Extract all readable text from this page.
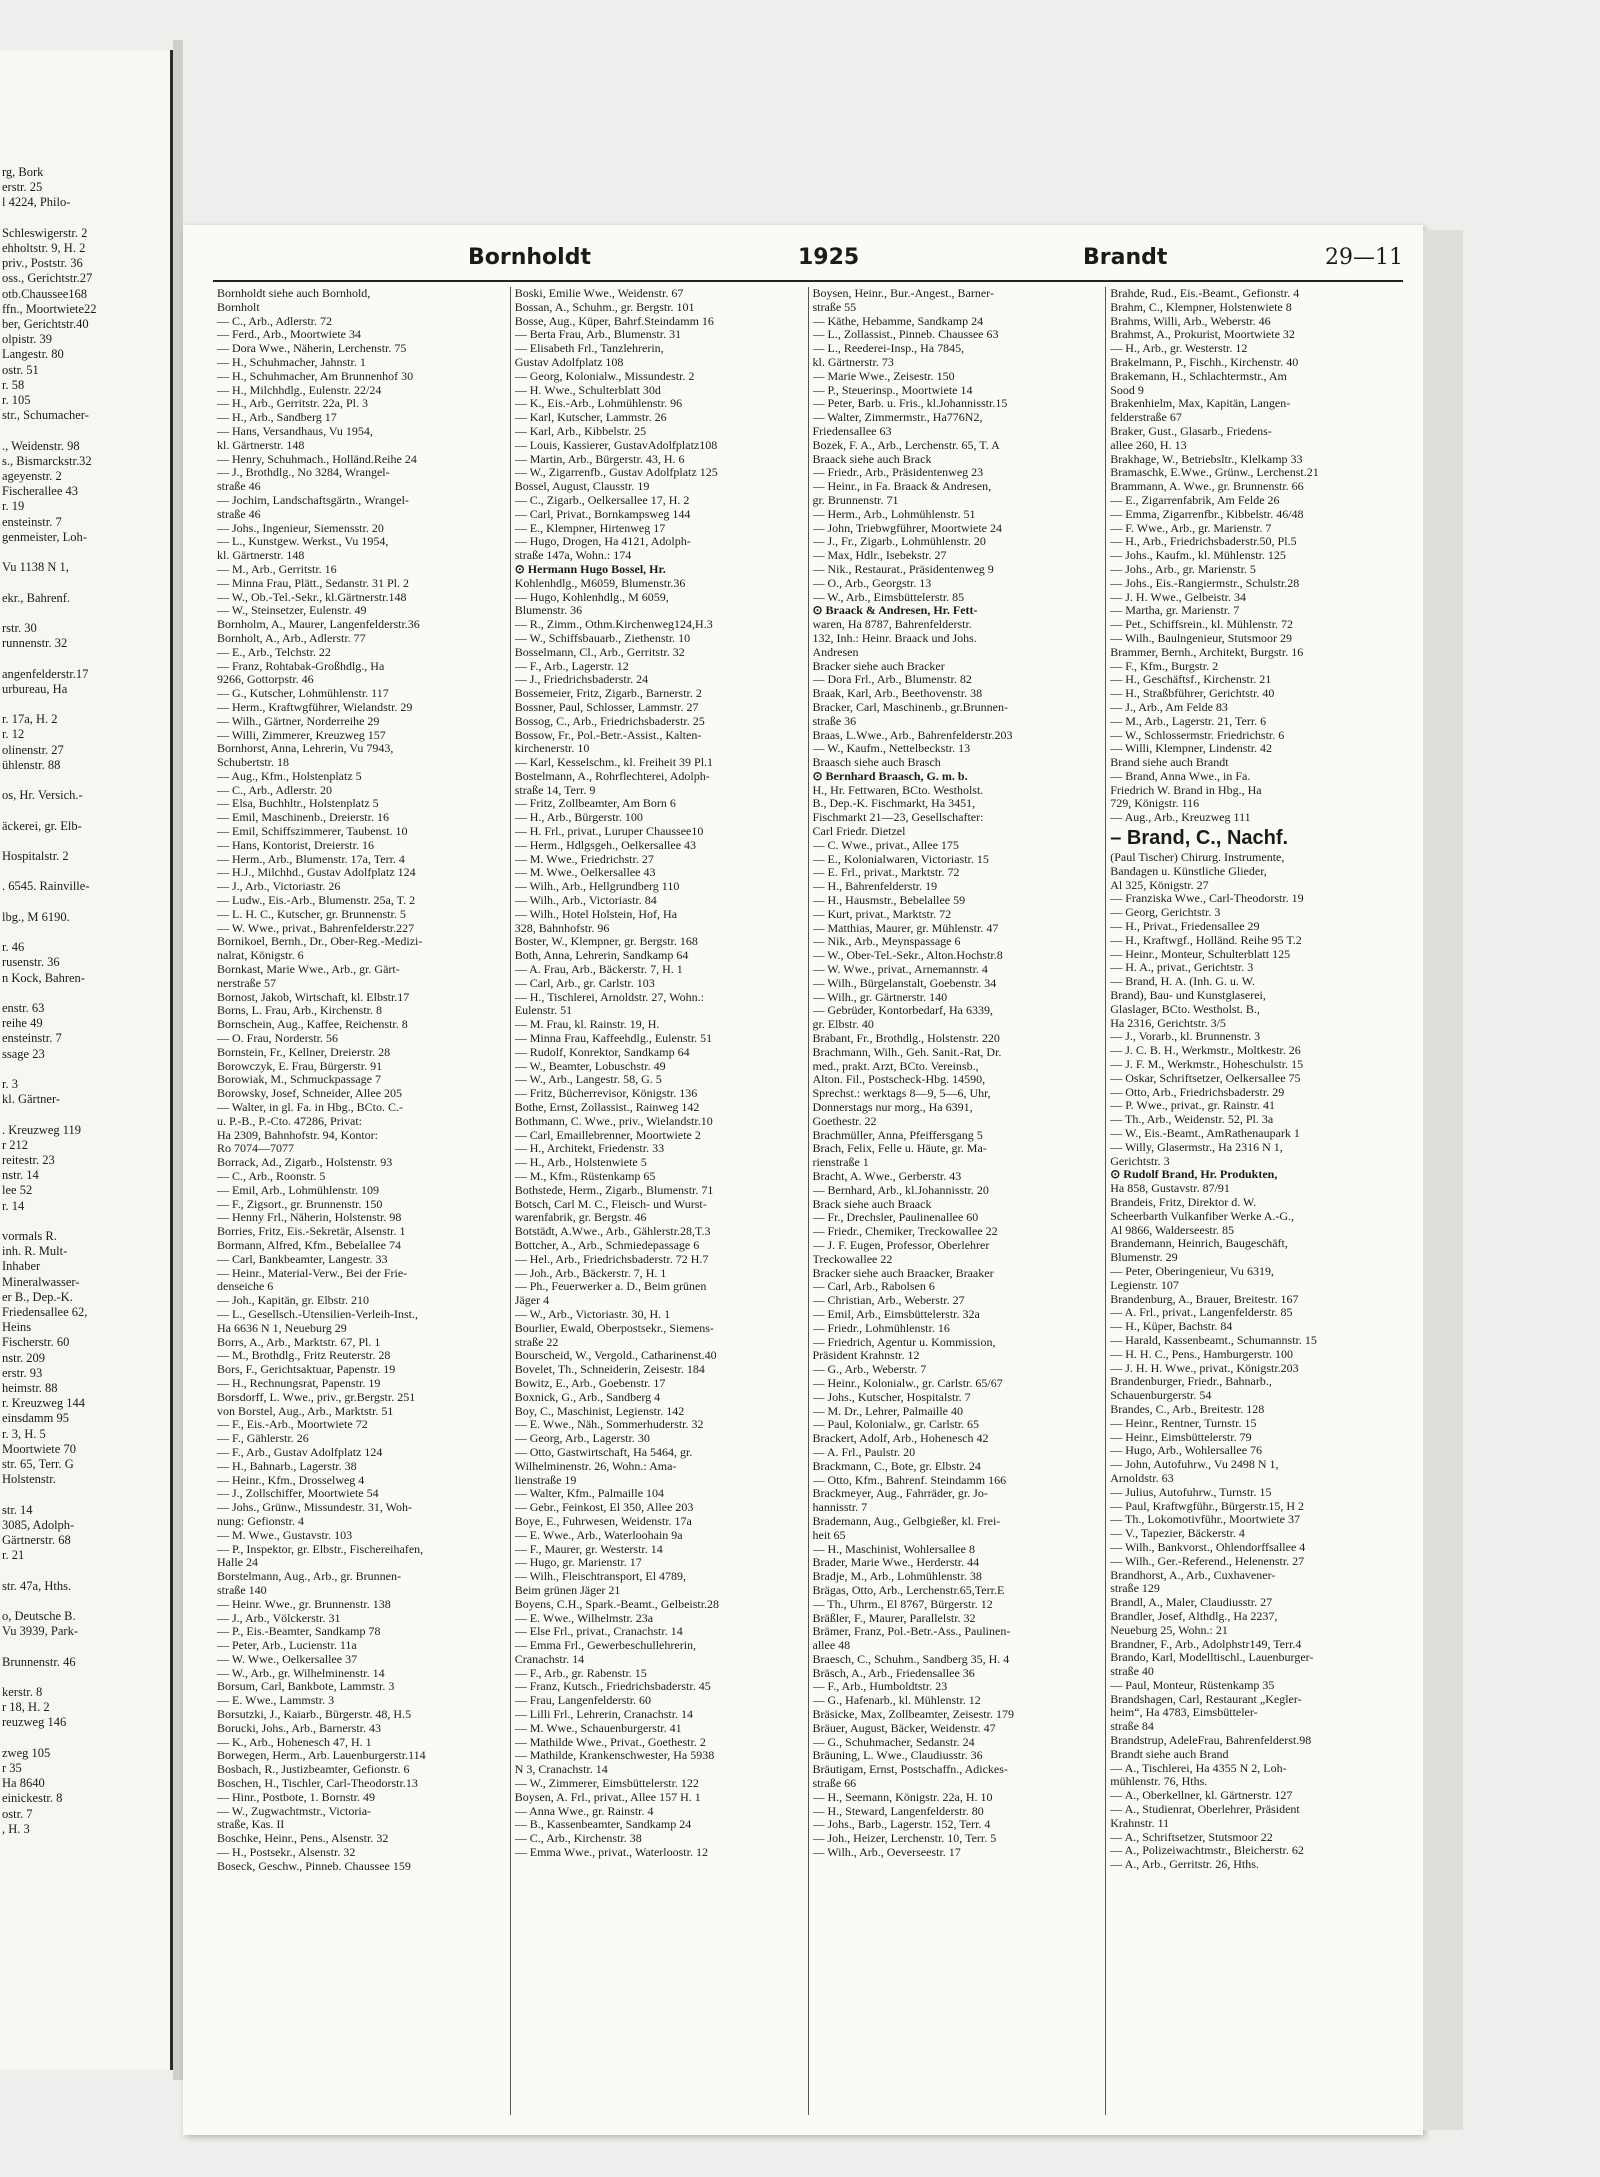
rg, Bork
erstr. 25
l 4224, Philo-
Schleswigerstr. 2
ehholtstr. 9, H. 2
priv., Poststr. 36
oss., Gerichtstr.27
otb.Chaussee168
ffn., Moortwiete22
ber, Gerichtstr.40
olpistr. 39
Langestr. 80
ostr. 51
r. 58
r. 105
str., Schumacher-
., Weidenstr. 98
s., Bismarckstr.32
ageyenstr. 2
Fischerallee 43
r. 19
ensteinstr. 7
genmeister, Loh-
Vu 1138 N 1,
ekr., Bahrenf.
rstr. 30
runnenstr. 32
angenfelderstr.17
urbureau, Ha
r. 17a, H. 2
r. 12
olinenstr. 27
ühlenstr. 88
os, Hr. Versich.-
äckerei, gr. Elb-
Hospitalstr. 2
. 6545. Rainville-
lbg., M 6190.
r. 46
rusenstr. 36
n Kock, Bahren-
enstr. 63
reihe 49
ensteinstr. 7
ssage 23
r. 3
kl. Gärtner-
. Kreuzweg 119
r 212
reitestr. 23
nstr. 14
lee 52
r. 14
vormals R.
inh. R. Mult-
Inhaber
Mineralwasser-
er B., Dep.-K.
Friedensallee 62,
Heins
Fischerstr. 60
nstr. 209
erstr. 93
heimstr. 88
r. Kreuzweg 144
einsdamm 95
r. 3, H. 5
Moortwiete 70
str. 65, Terr. G
Holstenstr.
str. 14
3085, Adolph-
Gärtnerstr. 68
r. 21
str. 47a, Hths.
o, Deutsche B.
Vu 3939, Park-
Brunnenstr. 46
kerstr. 8
r 18, H. 2
reuzweg 146
zweg 105
r 35
Ha 8640
einickestr. 8
ostr. 7
, H. 3
Bornholdt	1925	Brandt	29—11
Bornholdt siehe auch Bornhold,
Bornholt
— C., Arb., Adlerstr. 72
— Ferd., Arb., Moortwiete 34
— Dora Wwe., Näherin, Lerchenstr. 75
— H., Schuhmacher, Jahnstr. 1
— H., Schuhmacher, Am Brunnenhof 30
— H., Milchhdlg., Eulenstr. 22/24
— H., Arb., Gerritstr. 22a, Pl. 3
— H., Arb., Sandberg 17
— Hans, Versandhaus, Vu 1954,
kl. Gärtnerstr. 148
— Henry, Schuhmach., Holländ.Reihe 24
— J., Brothdlg., No 3284, Wrangel-
straße 46
— Jochim, Landschaftsgärtn., Wrangel-
straße 46
— Johs., Ingenieur, Siemensstr. 20
— L., Kunstgew. Werkst., Vu 1954,
kl. Gärtnerstr. 148
— M., Arb., Gerritstr. 16
— Minna Frau, Plätt., Sedanstr. 31 Pl. 2
— W., Ob.-Tel.-Sekr., kl.Gärtnerstr.148
— W., Steinsetzer, Eulenstr. 49
Bornholm, A., Maurer, Langenfelderstr.36
Bornholt, A., Arb., Adlerstr. 77
— E., Arb., Telchstr. 22
— Franz, Rohtabak-Großhdlg., Ha
9266, Gottorpstr. 46
— G., Kutscher, Lohmühlenstr. 117
— Herm., Kraftwgführer, Wielandstr. 29
— Wilh., Gärtner, Norderreihe 29
— Willi, Zimmerer, Kreuzweg 157
Bornhorst, Anna, Lehrerin, Vu 7943,
Schubertstr. 18
— Aug., Kfm., Holstenplatz 5
— C., Arb., Adlerstr. 20
— Elsa, Buchhltr., Holstenplatz 5
— Emil, Maschinenb., Dreierstr. 16
— Emil, Schiffszimmerer, Taubenst. 10
— Hans, Kontorist, Dreierstr. 16
— Herm., Arb., Blumenstr. 17a, Terr. 4
— H.J., Milchhd., Gustav Adolfplatz 124
— J., Arb., Victoriastr. 26
— Ludw., Eis.-Arb., Blumenstr. 25a, T. 2
— L. H. C., Kutscher, gr. Brunnenstr. 5
— W. Wwe., privat., Bahrenfelderstr.227
Bornikoel, Bernh., Dr., Ober-Reg.-Medizi-
nalrat, Königstr. 6
Bornkast, Marie Wwe., Arb., gr. Gärt-
nerstraße 57
Bornost, Jakob, Wirtschaft, kl. Elbstr.17
Borns, L. Frau, Arb., Kirchenstr. 8
Bornschein, Aug., Kaffee, Reichenstr. 8
— O. Frau, Norderstr. 56
Bornstein, Fr., Kellner, Dreierstr. 28
Borowczyk, E. Frau, Bürgerstr. 91
Borowiak, M., Schmuckpassage 7
Borowsky, Josef, Schneider, Allee 205
— Walter, in gl. Fa. in Hbg., BCto. C.-
u. P.-B., P.-Cto. 47286, Privat:
Ha 2309, Bahnhofstr. 94, Kontor:
Ro 7074—7077
Borrack, Ad., Zigarb., Holstenstr. 93
— C., Arb., Roonstr. 5
— Emil, Arb., Lohmühlenstr. 109
— F., Zigsort., gr. Brunnenstr. 150
— Henny Frl., Näherin, Holstenstr. 98
Borries, Fritz, Eis.-Sekretär, Alsenstr. 1
Bormann, Alfred, Kfm., Bebelallee 74
— Carl, Bankbeamter, Langestr. 33
— Heinr., Material-Verw., Bei der Frie-
denseiche 6
— Joh., Kapitän, gr. Elbstr. 210
— L., Gesellsch.-Utensilien-Verleih-Inst.,
Ha 6636 N 1, Neueburg 29
Borrs, A., Arb., Marktstr. 67, Pl. 1
— M., Brothdlg., Fritz Reuterstr. 28
Bors, F., Gerichtsaktuar, Papenstr. 19
— H., Rechnungsrat, Papenstr. 19
Borsdorff, L. Wwe., priv., gr.Bergstr. 251
von Borstel, Aug., Arb., Marktstr. 51
— F., Eis.-Arb., Moortwiete 72
— F., Gählerstr. 26
— F., Arb., Gustav Adolfplatz 124
— H., Bahnarb., Lagerstr. 38
— Heinr., Kfm., Drosselweg 4
— J., Zollschiffer, Moortwiete 54
— Johs., Grünw., Missundestr. 31, Woh-
nung: Gefionstr. 4
— M. Wwe., Gustavstr. 103
— P., Inspektor, gr. Elbstr., Fischereihafen,
Halle 24
Borstelmann, Aug., Arb., gr. Brunnen-
straße 140
— Heinr. Wwe., gr. Brunnenstr. 138
— J., Arb., Völckerstr. 31
— P., Eis.-Beamter, Sandkamp 78
— Peter, Arb., Lucienstr. 11a
— W. Wwe., Oelkersallee 37
— W., Arb., gr. Wilhelminenstr. 14
Borsum, Carl, Bankbote, Lammstr. 3
— E. Wwe., Lammstr. 3
Borsutzki, J., Kaiarb., Bürgerstr. 48, H.5
Borucki, Johs., Arb., Barnerstr. 43
— K., Arb., Hohenesch 47, H. 1
Borwegen, Herm., Arb. Lauenburgerstr.114
Bosbach, R., Justizbeamter, Gefionstr. 6
Boschen, H., Tischler, Carl-Theodorstr.13
— Hinr., Postbote, 1. Bornstr. 49
— W., Zugwachtmstr., Victoria-
straße, Kas. II
Boschke, Heinr., Pens., Alsenstr. 32
— H., Postsekr., Alsenstr. 32
Boseck, Geschw., Pinneb. Chaussee 159
Boski, Emilie Wwe., Weidenstr. 67
Bossan, A., Schuhm., gr. Bergstr. 101
Bosse, Aug., Küper, Bahrf.Steindamm 16
— Berta Frau, Arb., Blumenstr. 31
— Elisabeth Frl., Tanzlehrerin,
Gustav Adolfplatz 108
— Georg, Kolonialw., Missundestr. 2
— H. Wwe., Schulterblatt 30d
— K., Eis.-Arb., Lohmühlenstr. 96
— Karl, Kutscher, Lammstr. 26
— Karl, Arb., Kibbelstr. 25
— Louis, Kassierer, GustavAdolfplatz108
— Martin, Arb., Bürgerstr. 43, H. 6
— W., Zigarrenfb., Gustav Adolfplatz 125
Bossel, August, Clausstr. 19
— C., Zigarb., Oelkersallee 17, H. 2
— Carl, Privat., Bornkampsweg 144
— E., Klempner, Hirtenweg 17
— Hugo, Drogen, Ha 4121, Adolph-
straße 147a, Wohn.: 174
⊙ Hermann Hugo Bossel, Hr.
Kohlenhdlg., M6059, Blumenstr.36
— Hugo, Kohlenhdlg., M 6059,
Blumenstr. 36
— R., Zimm., Othm.Kirchenweg124,H.3
— W., Schiffsbauarb., Ziethenstr. 10
Bosselmann, Cl., Arb., Gerritstr. 32
— F., Arb., Lagerstr. 12
— J., Friedrichsbaderstr. 24
Bossemeier, Fritz, Zigarb., Barnerstr. 2
Bossner, Paul, Schlosser, Lammstr. 27
Bossog, C., Arb., Friedrichsbaderstr. 25
Bossow, Fr., Pol.-Betr.-Assist., Kalten-
kirchenerstr. 10
— Karl, Kesselschm., kl. Freiheit 39 Pl.1
Bostelmann, A., Rohrflechterei, Adolph-
straße 14, Terr. 9
— Fritz, Zollbeamter, Am Born 6
— H., Arb., Bürgerstr. 100
— H. Frl., privat., Luruper Chaussee10
— Herm., Hdlgsgeh., Oelkersallee 43
— M. Wwe., Friedrichstr. 27
— M. Wwe., Oelkersallee 43
— Wilh., Arb., Hellgrundberg 110
— Wilh., Arb., Victoriastr. 84
— Wilh., Hotel Holstein, Hof, Ha
328, Bahnhofstr. 96
Boster, W., Klempner, gr. Bergstr. 168
Both, Anna, Lehrerin, Sandkamp 64
— A. Frau, Arb., Bäckerstr. 7, H. 1
— Carl, Arb., gr. Carlstr. 103
— H., Tischlerei, Arnoldstr. 27, Wohn.:
Eulenstr. 51
— M. Frau, kl. Rainstr. 19, H.
— Minna Frau, Kaffeehdlg., Eulenstr. 51
— Rudolf, Konrektor, Sandkamp 64
— W., Beamter, Lobuschstr. 49
— W., Arb., Langestr. 58, G. 5
— Fritz, Bücherrevisor, Königstr. 136
Bothe, Ernst, Zollassist., Rainweg 142
Bothmann, C. Wwe., priv., Wielandstr.10
— Carl, Emaillebrenner, Moortwiete 2
— H., Architekt, Friedenstr. 33
— H., Arb., Holstenwiete 5
— M., Kfm., Rüstenkamp 65
Bothstede, Herm., Zigarb., Blumenstr. 71
Botsch, Carl M. C., Fleisch- und Wurst-
warenfabrik, gr. Bergstr. 46
Botstädt, A.Wwe., Arb., Gählerstr.28,T.3
Bottcher, A., Arb., Schmiedepassage 6
— Hel., Arb., Friedrichsbaderstr. 72 H.7
— Joh., Arb., Bäckerstr. 7, H. 1
— Ph., Feuerwerker a. D., Beim grünen
Jäger 4
— W., Arb., Victoriastr. 30, H. 1
Bourlier, Ewald, Oberpostsekr., Siemens-
straße 22
Bourscheid, W., Vergold., Catharinenst.40
Bovelet, Th., Schneiderin, Zeisestr. 184
Bowitz, E., Arb., Goebenstr. 17
Boxnick, G., Arb., Sandberg 4
Boy, C., Maschinist, Legienstr. 142
— E. Wwe., Näh., Sommerhuderstr. 32
— Georg, Arb., Lagerstr. 30
— Otto, Gastwirtschaft, Ha 5464, gr.
Wilhelminenstr. 26, Wohn.: Ama-
lienstraße 19
— Walter, Kfm., Palmaille 104
— Gebr., Feinkost, El 350, Allee 203
Boye, E., Fuhrwesen, Weidenstr. 17a
— E. Wwe., Arb., Waterloohain 9a
— F., Maurer, gr. Westerstr. 14
— Hugo, gr. Marienstr. 17
— Wilh., Fleischtransport, El 4789,
Beim grünen Jäger 21
Boyens, C.H., Spark.-Beamt., Gelbeistr.28
— E. Wwe., Wilhelmstr. 23a
— Else Frl., privat., Cranachstr. 14
— Emma Frl., Gewerbeschullehrerin,
Cranachstr. 14
— F., Arb., gr. Rabenstr. 15
— Franz, Kutsch., Friedrichsbaderstr. 45
— Frau, Langenfelderstr. 60
— Lilli Frl., Lehrerin, Cranachstr. 14
— M. Wwe., Schauenburgerstr. 41
— Mathilde Wwe., Privat., Goethestr. 2
— Mathilde, Krankenschwester, Ha 5938
N 3, Cranachstr. 14
— W., Zimmerer, Eimsbüttelerstr. 122
Boysen, A. Frl., privat., Allee 157 H. 1
— Anna Wwe., gr. Rainstr. 4
— B., Kassenbeamter, Sandkamp 24
— C., Arb., Kirchenstr. 38
— Emma Wwe., privat., Waterloostr. 12
Boysen, Heinr., Bur.-Angest., Barner-
straße 55
— Käthe, Hebamme, Sandkamp 24
— L., Zollassist., Pinneb. Chaussee 63
— L., Reederei-Insp., Ha 7845,
kl. Gärtnerstr. 73
— Marie Wwe., Zeisestr. 150
— P., Steuerinsp., Moortwiete 14
— Peter, Barb. u. Fris., kl.Johannisstr.15
— Walter, Zimmermstr., Ha776N2,
Friedensallee 63
Bozek, F. A., Arb., Lerchenstr. 65, T. A
Braack siehe auch Brack
— Friedr., Arb., Präsidentenweg 23
— Heinr., in Fa. Braack & Andresen,
gr. Brunnenstr. 71
— Herm., Arb., Lohmühlenstr. 51
— John, Triebwgführer, Moortwiete 24
— J., Fr., Zigarb., Lohmühlenstr. 20
— Max, Hdlr., Isebekstr. 27
— Nik., Restaurat., Präsidentenweg 9
— O., Arb., Georgstr. 13
— W., Arb., Eimsbüttelerstr. 85
⊙ Braack & Andresen, Hr. Fett-
waren, Ha 8787, Bahrenfelderstr.
132, Inh.: Heinr. Braack und Johs.
Andresen
Bracker siehe auch Bracker
— Dora Frl., Arb., Blumenstr. 82
Braak, Karl, Arb., Beethovenstr. 38
Bracker, Carl, Maschinenb., gr.Brunnen-
straße 36
Braas, L.Wwe., Arb., Bahrenfelderstr.203
— W., Kaufm., Nettelbeckstr. 13
Braasch siehe auch Brasch
⊙ Bernhard Braasch, G. m. b.
H., Hr. Fettwaren, BCto. Westholst.
B., Dep.-K. Fischmarkt, Ha 3451,
Fischmarkt 21—23, Gesellschafter:
Carl Friedr. Dietzel
— C. Wwe., privat., Allee 175
— E., Kolonialwaren, Victoriastr. 15
— E. Frl., privat., Marktstr. 72
— H., Bahrenfelderstr. 19
— H., Hausmstr., Bebelallee 59
— Kurt, privat., Marktstr. 72
— Matthias, Maurer, gr. Mühlenstr. 47
— Nik., Arb., Meynspassage 6
— W., Ober-Tel.-Sekr., Alton.Hochstr.8
— W. Wwe., privat., Arnemannstr. 4
— Wilh., Bürgelanstalt, Goebenstr. 34
— Wilh., gr. Gärtnerstr. 140
— Gebrüder, Kontorbedarf, Ha 6339,
gr. Elbstr. 40
Brabant, Fr., Brothdlg., Holstenstr. 220
Brachmann, Wilh., Geh. Sanit.-Rat, Dr.
med., prakt. Arzt, BCto. Vereinsb.,
Alton. Fil., Postscheck-Hbg. 14590,
Sprechst.: werktags 8—9, 5—6, Uhr,
Donnerstags nur morg., Ha 6391,
Goethestr. 22
Brachmüller, Anna, Pfeiffersgang 5
Brach, Felix, Felle u. Häute, gr. Ma-
rienstraße 1
Bracht, A. Wwe., Gerberstr. 43
— Bernhard, Arb., kl.Johannisstr. 20
Brack siehe auch Braack
— Fr., Drechsler, Paulinenallee 60
— Friedr., Chemiker, Treckowallee 22
— J. F. Eugen, Professor, Oberlehrer
Treckowallee 22
Bracker siehe auch Braacker, Braaker
— Carl, Arb., Rabolsen 6
— Christian, Arb., Weberstr. 27
— Emil, Arb., Eimsbüttelerstr. 32a
— Friedr., Lohmühlenstr. 16
— Friedrich, Agentur u. Kommission,
Präsident Krahnstr. 12
— G., Arb., Weberstr. 7
— Heinr., Kolonialw., gr. Carlstr. 65/67
— Johs., Kutscher, Hospitalstr. 7
— M. Dr., Lehrer, Palmaille 40
— Paul, Kolonialw., gr. Carlstr. 65
Brackert, Adolf, Arb., Hohenesch 42
— A. Frl., Paulstr. 20
Brackmann, C., Bote, gr. Elbstr. 24
— Otto, Kfm., Bahrenf. Steindamm 166
Brackmeyer, Aug., Fahrräder, gr. Jo-
hannisstr. 7
Brademann, Aug., Gelbgießer, kl. Frei-
heit 65
— H., Maschinist, Wohlersallee 8
Brader, Marie Wwe., Herderstr. 44
Bradje, M., Arb., Lohmühlenstr. 38
Brägas, Otto, Arb., Lerchenstr.65,Terr.E
— Th., Uhrm., El 8767, Bürgerstr. 12
Bräßler, F., Maurer, Parallelstr. 32
Brämer, Franz, Pol.-Betr.-Ass., Paulinen-
allee 48
Braesch, C., Schuhm., Sandberg 35, H. 4
Bräsch, A., Arb., Friedensallee 36
— F., Arb., Humboldtstr. 23
— G., Hafenarb., kl. Mühlenstr. 12
Bräsicke, Max, Zollbeamter, Zeisestr. 179
Bräuer, August, Bäcker, Weidenstr. 47
— G., Schuhmacher, Sedanstr. 24
Bräuning, L. Wwe., Claudiusstr. 36
Bräutigam, Ernst, Postschaffn., Adickes-
straße 66
— H., Seemann, Königstr. 22a, H. 10
— H., Steward, Langenfelderstr. 80
— Johs., Barb., Lagerstr. 152, Terr. 4
— Joh., Heizer, Lerchenstr. 10, Terr. 5
— Wilh., Arb., Oeverseestr. 17
Brahde, Rud., Eis.-Beamt., Gefionstr. 4
Brahm, C., Klempner, Holstenwiete 8
Brahms, Willi, Arb., Weberstr. 46
Brahmst, A., Prokurist, Moortwiete 32
— H., Arb., gr. Westerstr. 12
Brakelmann, P., Fischh., Kirchenstr. 40
Brakemann, H., Schlachtermstr., Am
Sood 9
Brakenhielm, Max, Kapitän, Langen-
felderstraße 67
Braker, Gust., Glasarb., Friedens-
allee 260, H. 13
Brakhage, W., Betriebsltr., Klelkamp 33
Bramaschk, E.Wwe., Grünw., Lerchenst.21
Brammann, A. Wwe., gr. Brunnenstr. 66
— E., Zigarrenfabrik, Am Felde 26
— Emma, Zigarrenfbr., Kibbelstr. 46/48
— F. Wwe., Arb., gr. Marienstr. 7
— H., Arb., Friedrichsbaderstr.50, Pl.5
— Johs., Kaufm., kl. Mühlenstr. 125
— Johs., Arb., gr. Marienstr. 5
— Johs., Eis.-Rangiermstr., Schulstr.28
— J. H. Wwe., Gelbeistr. 34
— Martha, gr. Marienstr. 7
— Pet., Schiffsrein., kl. Mühlenstr. 72
— Wilh., Baulngenieur, Stutsmoor 29
Brammer, Bernh., Architekt, Burgstr. 16
— F., Kfm., Burgstr. 2
— H., Geschäftsf., Kirchenstr. 21
— H., Straßbführer, Gerichtstr. 40
— J., Arb., Am Felde 83
— M., Arb., Lagerstr. 21, Terr. 6
— W., Schlossermstr. Friedrichstr. 6
— Willi, Klempner, Lindenstr. 42
Brand siehe auch Brandt
— Brand, Anna Wwe., in Fa.
Friedrich W. Brand in Hbg., Ha
729, Königstr. 116
— Aug., Arb., Kreuzweg 111
– Brand, C., Nachf.
(Paul Tischer) Chirurg. Instrumente,
Bandagen u. Künstliche Glieder,
Al 325, Königstr. 27
— Franziska Wwe., Carl-Theodorstr. 19
— Georg, Gerichtstr. 3
— H., Privat., Friedensallee 29
— H., Kraftwgf., Holländ. Reihe 95 T.2
— Heinr., Monteur, Schulterblatt 125
— H. A., privat., Gerichtstr. 3
— Brand, H. A. (Inh. G. u. W.
Brand), Bau- und Kunstglaserei,
Glaslager, BCto. Westholst. B.,
Ha 2316, Gerichtstr. 3/5
— J., Vorarb., kl. Brunnenstr. 3
— J. C. B. H., Werkmstr., Moltkestr. 26
— J. F. M., Werkmstr., Hoheschulstr. 15
— Oskar, Schriftsetzer, Oelkersallee 75
— Otto, Arb., Friedrichsbaderstr. 29
— P. Wwe., privat., gr. Rainstr. 41
— Th., Arb., Weidenstr. 52, Pl. 3a
— W., Eis.-Beamt., AmRathenaupark 1
— Willy, Glasermstr., Ha 2316 N 1,
Gerichtstr. 3
⊙ Rudolf Brand, Hr. Produkten,
Ha 858, Gustavstr. 87/91
Brandeis, Fritz, Direktor d. W.
Scheerbarth Vulkanfiber Werke A.-G.,
Al 9866, Walderseestr. 85
Brandemann, Heinrich, Baugeschäft,
Blumenstr. 29
— Peter, Oberingenieur, Vu 6319,
Legienstr. 107
Brandenburg, A., Brauer, Breitestr. 167
— A. Frl., privat., Langenfelderstr. 85
— H., Küper, Bachstr. 84
— Harald, Kassenbeamt., Schumannstr. 15
— H. H. C., Pens., Hamburgerstr. 100
— J. H. H. Wwe., privat., Königstr.203
Brandenburger, Friedr., Bahnarb.,
Schauenburgerstr. 54
Brandes, C., Arb., Breitestr. 128
— Heinr., Rentner, Turnstr. 15
— Heinr., Eimsbüttelerstr. 79
— Hugo, Arb., Wohlersallee 76
— John, Autofuhrw., Vu 2498 N 1,
Arnoldstr. 63
— Julius, Autofuhrw., Turnstr. 15
— Paul, Kraftwgführ., Bürgerstr.15, H 2
— Th., Lokomotivführ., Moortwiete 37
— V., Tapezier, Bäckerstr. 4
— Wilh., Bankvorst., Ohlendorffsallee 4
— Wilh., Ger.-Referend., Helenenstr. 27
Brandhorst, A., Arb., Cuxhavener-
straße 129
Brandl, A., Maler, Claudiusstr. 27
Brandler, Josef, Althdlg., Ha 2237,
Neueburg 25, Wohn.: 21
Brandner, F., Arb., Adolphstr149, Terr.4
Brando, Karl, Modelltischl., Lauenburger-
straße 40
— Paul, Monteur, Rüstenkamp 35
Brandshagen, Carl, Restaurant „Kegler-
heim“, Ha 4783, Eimsbütteler-
straße 84
Brandstrup, AdeleFrau, Bahrenfelderst.98
Brandt siehe auch Brand
— A., Tischlerei, Ha 4355 N 2, Loh-
mühlenstr. 76, Hths.
— A., Oberkellner, kl. Gärtnerstr. 127
— A., Studienrat, Oberlehrer, Präsident
Krahnstr. 11
— A., Schriftsetzer, Stutsmoor 22
— A., Polizeiwachtmstr., Bleicherstr. 62
— A., Arb., Gerritstr. 26, Hths.
